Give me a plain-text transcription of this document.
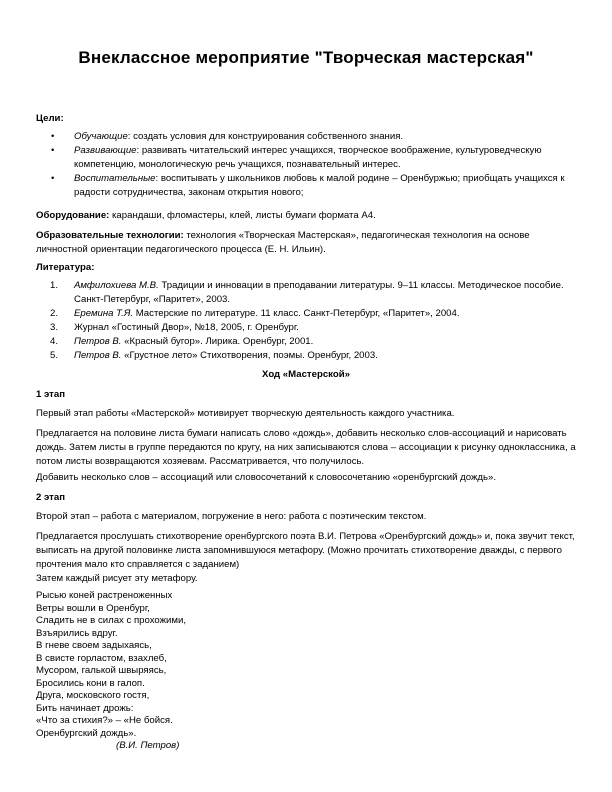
Внеклассное мероприятие "Творческая мастерская"

Цели:

• Обучающие: создать условия для конструирования собственного знания.
• Развивающие: развивать читательский интерес учащихся, творческое воображение, культуроведческую компетенцию, монологическую речь учащихся, познавательный интерес.
• Воспитательные: воспитывать у школьников любовь к малой родине – Оренбуржью; приобщать учащихся к радости сотрудничества, законам открытия нового;

Оборудование: карандаши, фломастеры, клей, листы бумаги формата А4.

Образовательные технологии: технология «Творческая Мастерская», педагогическая технология на основе личностной ориентации педагогического процесса (Е. Н. Ильин).

Литература:

1. Амфилохиева М.В. Традиции и инновации в преподавании литературы. 9–11 классы. Методическое пособие. Санкт-Петербург, «Паритет», 2003.
2. Еремина Т.Я. Мастерские по литературе. 11 класс. Санкт-Петербург, «Паритет», 2004.
3. Журнал «Гостиный Двор», №18, 2005, г. Оренбург.
4. Петров В. «Красный бугор». Лирика. Оренбург, 2001.
5. Петров В. «Грустное лето» Стихотворения, поэмы. Оренбург, 2003.

Ход «Мастерской»

1 этап

Первый этап работы «Мастерской» мотивирует творческую деятельность каждого участника.

Предлагается на половине листа бумаги написать слово «дождь», добавить несколько слов-ассоциаций и нарисовать дождь. Затем листы в группе передаются по кругу, на них записываются слова – ассоциации к рисунку одноклассника, а потом листы возвращаются хозяевам. Рассматривается, что получилось.

Добавить несколько слов – ассоциаций или словосочетаний к словосочетанию «оренбургский дождь».

2 этап

Второй этап – работа с материалом, погружение в него: работа с поэтическим текстом.

Предлагается прослушать стихотворение оренбургского поэта В.И. Петрова «Оренбургский дождь» и, пока звучит текст, выписать на другой половинке листа запомнившуюся метафору. (Можно прочитать стихотворение дважды, с первого прочтения мало кто справляется с заданием)

Затем каждый рисует эту метафору.

Рысью коней растреноженных
Ветры вошли в Оренбург,
Сладить не в силах с прохожими,
Взъярились вдруг.
В гневе своем задыхаясь,
В свисте горластом, взахлеб,
Мусором, галькой швыряясь,
Бросились кони в галоп.
Друга, московского гостя,
Бить начинает дрожь:
«Что за стихия?» – «Не бойся.
Оренбургский дождь».
(В.И. Петров)
